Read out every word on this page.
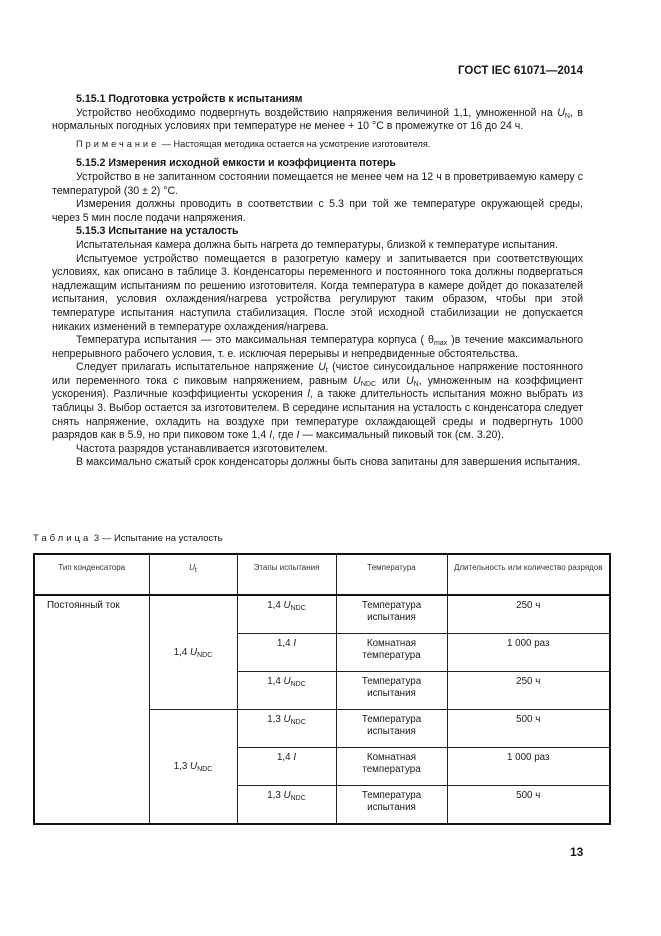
ГОСТ IEC 61071—2014

5.15.1 Подготовка устройств к испытаниям

Устройство необходимо подвергнуть воздействию напряжения величиной 1,1, умноженной на $U_N$, в нормальных погодных условиях при температуре не менее + 10 °С в промежутке от 16 до 24 ч.

Примечание — Настоящая методика остается на усмотрение изготовителя.

5.15.2 Измерения исходной емкости и коэффициента потерь

Устройство в не запитанном состоянии помещается не менее чем на 12 ч в проветриваемую камеру с температурой (30 ± 2) °С.

Измерения должны проводить в соответствии с 5.3 при той же температуре окружающей среды, через 5 мин после подачи напряжения.

5.15.3 Испытание на усталость

Испытательная камера должна быть нагрета до температуры, близкой к температуре испытания.

Испытуемое устройство помещается в разогретую камеру и запитывается при соответствующих условиях, как описано в таблице 3. Конденсаторы переменного и постоянного тока должны подвергаться надлежащим испытаниям по решению изготовителя. Когда температура в камере дойдет до показателей испытания, условия охлаждения/нагрева устройства регулируют таким образом, чтобы при этой температуре испытания наступила стабилизация. После этой исходной стабилизации не допускается никаких изменений в температуре охлаждения/нагрева.

Температура испытания — это максимальная температура корпуса ( $\theta_{max}$ )в течение максимального непрерывного рабочего условия, т. е. исключая перерывы и непредвиденные обстоятельства.

Следует прилагать испытательное напряжение $U_t$ (чистое синусоидальное напряжение постоянного или переменного тока с пиковым напряжением, равным $U_{NDC}$ или $U_N$, умноженным на коэффициент ускорения). Различные коэффициенты ускорения l, а также длительность испытания можно выбрать из таблицы 3. Выбор остается за изготовителем. В середине испытания на усталость с конденсатора следует снять напряжение, охладить на воздухе при температуре охлаждающей среды и подвергнуть 1000 разрядов как в 5.9, но при пиковом токе 1,4 I, где I — максимальный пиковый ток (см. 3.20).

Частота разрядов устанавливается изготовителем.

В максимально сжатый срок конденсаторы должны быть снова запитаны для завершения испытания.

Таблица 3 — Испытание на усталость
Тип конденсатора	$U_t$	Этапы испытания	Температура	Длительность или количество разрядов
Постоянный ток	1,4 $U_{NDC}$	1,4 $U_{NDC}$	Температура испытания	250 ч
		1,4 I	Комнатная температура	1 000 раз
		1,4 $U_{NDC}$	Температура испытания	250 ч
	1,3 $U_{NDC}$	1,3 $U_{NDC}$	Температура испытания	500 ч
		1,4 I	Комнатная температура	1 000 раз
		1,3 $U_{NDC}$	Температура испытания	500 ч
13
